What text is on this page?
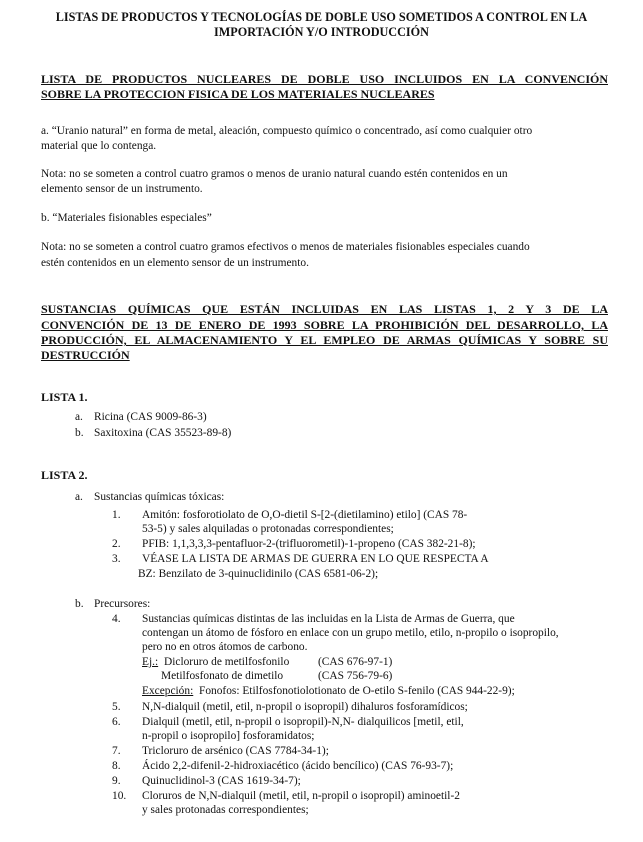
LISTAS DE PRODUCTOS Y TECNOLOGÍAS DE DOBLE USO SOMETIDOS A CONTROL EN LA
IMPORTACIÓN Y/O INTRODUCCIÓN
LISTA DE PRODUCTOS NUCLEARES DE DOBLE USO INCLUIDOS EN LA CONVENCIÓN
SOBRE LA PROTECCION FISICA DE LOS MATERIALES NUCLEARES
a. “Uranio natural” en forma de metal, aleación, compuesto químico o concentrado, así como cualquier otro
material que lo contenga.
Nota: no se someten a control cuatro gramos o menos de uranio natural cuando estén contenidos en un
elemento sensor de un instrumento.
b. “Materiales fisionables especiales”
Nota: no se someten a control cuatro gramos efectivos o menos de materiales fisionables especiales cuando
estén contenidos en un elemento sensor de un instrumento.
SUSTANCIAS QUÍMICAS QUE ESTÁN INCLUIDAS EN LAS LISTAS 1, 2 Y 3 DE LA
CONVENCIÓN DE 13 DE ENERO DE 1993 SOBRE LA PROHIBICIÓN DEL DESARROLLO, LA
PRODUCCIÓN, EL ALMACENAMIENTO Y EL EMPLEO DE ARMAS QUÍMICAS Y SOBRE SU
DESTRUCCIÓN
LISTA 1.
a. Ricina (CAS 9009-86-3)
b. Saxitoxina (CAS 35523-89-8)
LISTA 2.
a. Sustancias químicas tóxicas:
1. Amitón: fosforotiolato de O,O-dietil S-[2-(dietilamino) etilo] (CAS 78-
53-5) y sales alquiladas o protonadas correspondientes;
2. PFIB: 1,1,3,3,3-pentafluor-2-(trifluorometil)-1-propeno (CAS 382-21-8);
3. VÉASE LA LISTA DE ARMAS DE GUERRA EN LO QUE RESPECTA A
BZ: Benzilato de 3-quinuclidinilo (CAS 6581-06-2);
b. Precursores:
4. Sustancias químicas distintas de las incluidas en la Lista de Armas de Guerra, que
contengan un átomo de fósforo en enlace con un grupo metilo, etilo, n-propilo o isopropilo,
pero no en otros átomos de carbono.
Ej.: Dicloruro de metilfosfonilo	(CAS 676-97-1)
Metilfosfonato de dimetilo	(CAS 756-79-6)
Excepción: Fonofos: Etilfosfonotiolotionato de O-etilo S-fenilo (CAS 944-22-9);
5. N,N-dialquil (metil, etil, n-propil o isopropil) dihaluros fosforamídicos;
6. Dialquil (metil, etil, n-propil o isopropil)-N,N- dialquilicos [metil, etil,
n-propil o isopropilo] fosforamidatos;
7. Tricloruro de arsénico (CAS 7784-34-1);
8. Ácido 2,2-difenil-2-hidroxiacético (ácido bencílico) (CAS 76-93-7);
9. Quinuclidinol-3 (CAS 1619-34-7);
10. Cloruros de N,N-dialquil (metil, etil, n-propil o isopropil) aminoetil-2
y sales protonadas correspondientes;
